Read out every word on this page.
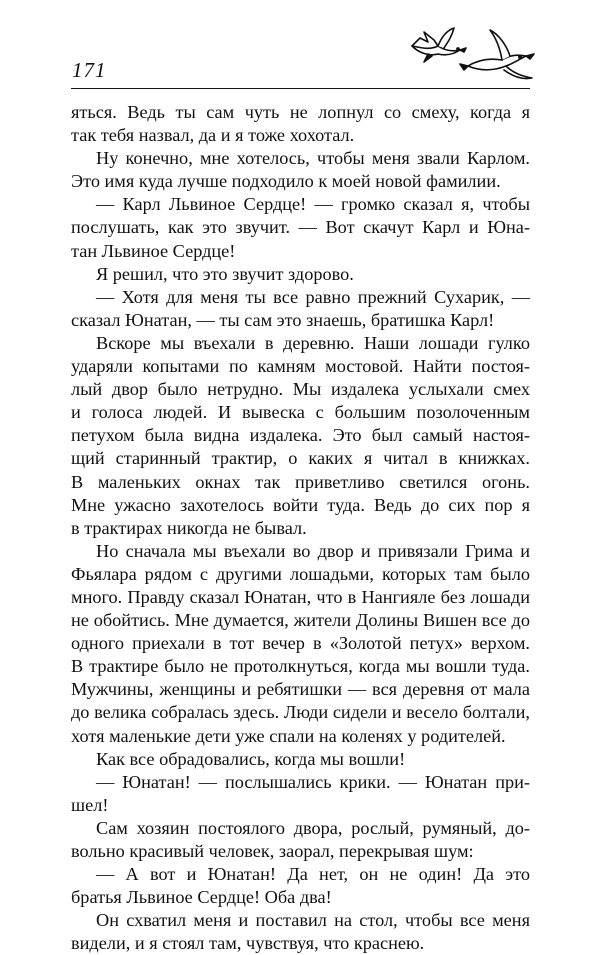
171
яться. Ведь ты сам чуть не лопнул со смеху, когда я
так тебя назвал, да и я тоже хохотал.
Ну конечно, мне хотелось, чтобы меня звали Карлом.
Это имя куда лучше подходило к моей новой фамилии.
— Карл Львиное Сердце! — громко сказал я, чтобы
послушать, как это звучит. — Вот скачут Карл и Юна-
тан Львиное Сердце!
Я решил, что это звучит здорово.
— Хотя для меня ты все равно прежний Сухарик, —
сказал Юнатан, — ты сам это знаешь, братишка Карл!
Вскоре мы въехали в деревню. Наши лошади гулко
ударяли копытами по камням мостовой. Найти постоя-
лый двор было нетрудно. Мы издалека услыхали смех
и голоса людей. И вывеска с большим позолоченным
петухом была видна издалека. Это был самый настоя-
щий старинный трактир, о каких я читал в книжках.
В маленьких окнах так приветливо светился огонь.
Мне ужасно захотелось войти туда. Ведь до сих пор я
в трактирах никогда не бывал.
Но сначала мы въехали во двор и привязали Грима и
Фьялара рядом с другими лошадьми, которых там было
много. Правду сказал Юнатан, что в Нангияле без лошади
не обойтись. Мне думается, жители Долины Вишен все до
одного приехали в тот вечер в «Золотой петух» верхом.
В трактире было не протолкнуться, когда мы вошли туда.
Мужчины, женщины и ребятишки — вся деревня от мала
до велика собралась здесь. Люди сидели и весело болтали,
хотя маленькие дети уже спали на коленях у родителей.
Как все обрадовались, когда мы вошли!
— Юнатан! — послышались крики. — Юнатан при-
шел!
Сам хозяин постоялого двора, рослый, румяный, до-
вольно красивый человек, заорал, перекрывая шум:
— А вот и Юнатан! Да нет, он не один! Да это
братья Львиное Сердце! Оба два!
Он схватил меня и поставил на стол, чтобы все меня
видели, и я стоял там, чувствуя, что краснею.
